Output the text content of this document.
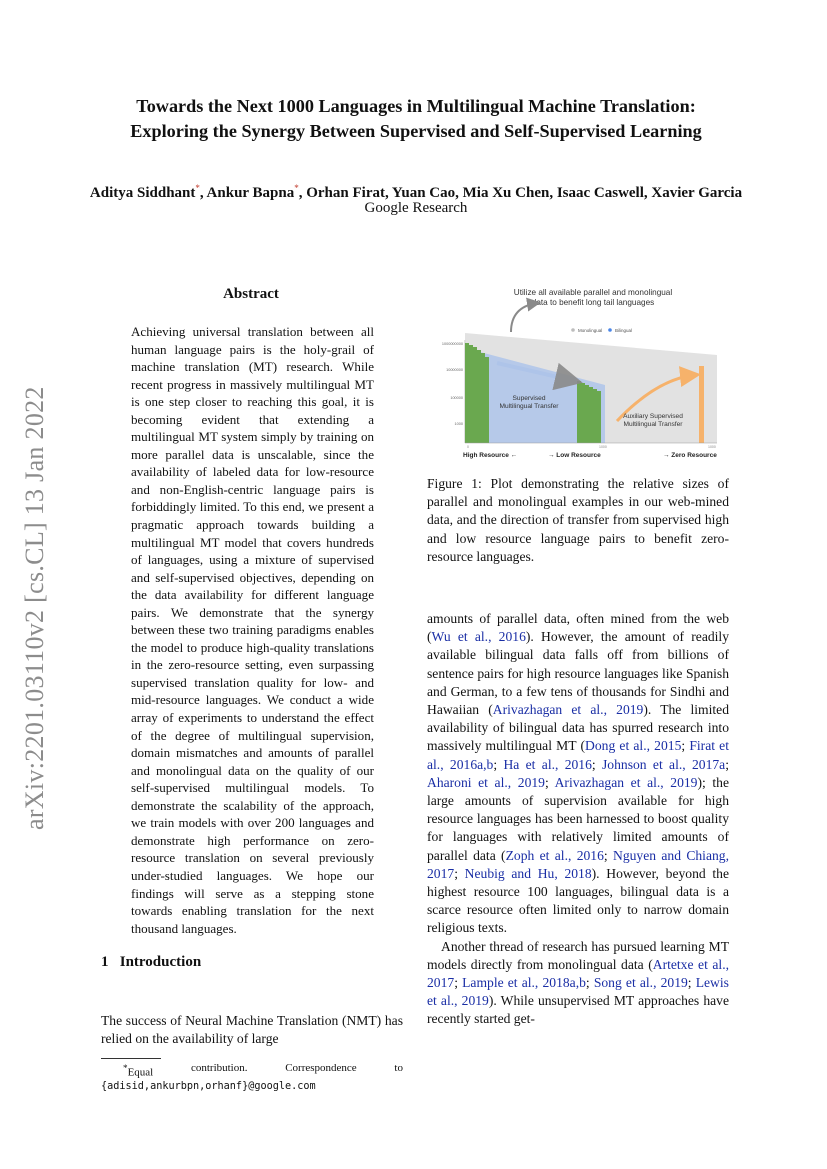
Towards the Next 1000 Languages in Multilingual Machine Translation:
Exploring the Synergy Between Supervised and Self-Supervised Learning
Aditya Siddhant*, Ankur Bapna*, Orhan Firat, Yuan Cao, Mia Xu Chen, Isaac Caswell, Xavier Garcia
Google Research
arXiv:2201.03110v2 [cs.CL] 13 Jan 2022
Abstract
Achieving universal translation between all human language pairs is the holy-grail of machine translation (MT) research. While recent progress in massively multilingual MT is one step closer to reaching this goal, it is becoming evident that extending a multilingual MT system simply by training on more parallel data is unscalable, since the availability of labeled data for low-resource and non-English-centric language pairs is forbiddingly limited. To this end, we present a pragmatic approach towards building a multilingual MT model that covers hundreds of languages, using a mixture of supervised and self-supervised objectives, depending on the data availability for different language pairs. We demonstrate that the synergy between these two training paradigms enables the model to produce high-quality translations in the zero-resource setting, even surpassing supervised translation quality for low- and mid-resource languages. We conduct a wide array of experiments to understand the effect of the degree of multilingual supervision, domain mismatches and amounts of parallel and monolingual data on the quality of our self-supervised multilingual models. To demonstrate the scalability of the approach, we train models with over 200 languages and demonstrate high performance on zero-resource translation on several previously under-studied languages. We hope our findings will serve as a stepping stone towards enabling translation for the next thousand languages.
1 Introduction
The success of Neural Machine Translation (NMT) has relied on the availability of large
*Equal	contribution.	Correspondence	to
{adisid,ankurbpn,orhanf}@google.com
Utilize all available parallel and monolingual
data to benefit long tail languages
Monolingual	Bilingual
1000000000
10000000
100000
1000
Supervised
Multilingual Transfer
Auxiliary Supervised
Multilingual Transfer
0	1000	1000
High Resource ←	→ Low Resource	→ Zero Resource
Figure 1: Plot demonstrating the relative sizes of parallel and monolingual examples in our web-mined data, and the direction of transfer from supervised high and low resource language pairs to benefit zero-resource languages.

amounts of parallel data, often mined from the web (Wu et al., 2016). However, the amount of readily available bilingual data falls off from billions of sentence pairs for high resource languages like Spanish and German, to a few tens of thousands for Sindhi and Hawaiian (Arivazhagan et al., 2019). The limited availability of bilingual data has spurred research into massively multilingual MT (Dong et al., 2015; Firat et al., 2016a,b; Ha et al., 2016; Johnson et al., 2017a; Aharoni et al., 2019; Arivazhagan et al., 2019); the large amounts of supervision available for high resource languages has been harnessed to boost quality for languages with relatively limited amounts of parallel data (Zoph et al., 2016; Nguyen and Chiang, 2017; Neubig and Hu, 2018). However, beyond the highest resource 100 languages, bilingual data is a scarce resource often limited only to narrow domain religious texts.

Another thread of research has pursued learning MT models directly from monolingual data (Artetxe et al., 2017; Lample et al., 2018a,b; Song et al., 2019; Lewis et al., 2019). While unsupervised MT approaches have recently started get-
